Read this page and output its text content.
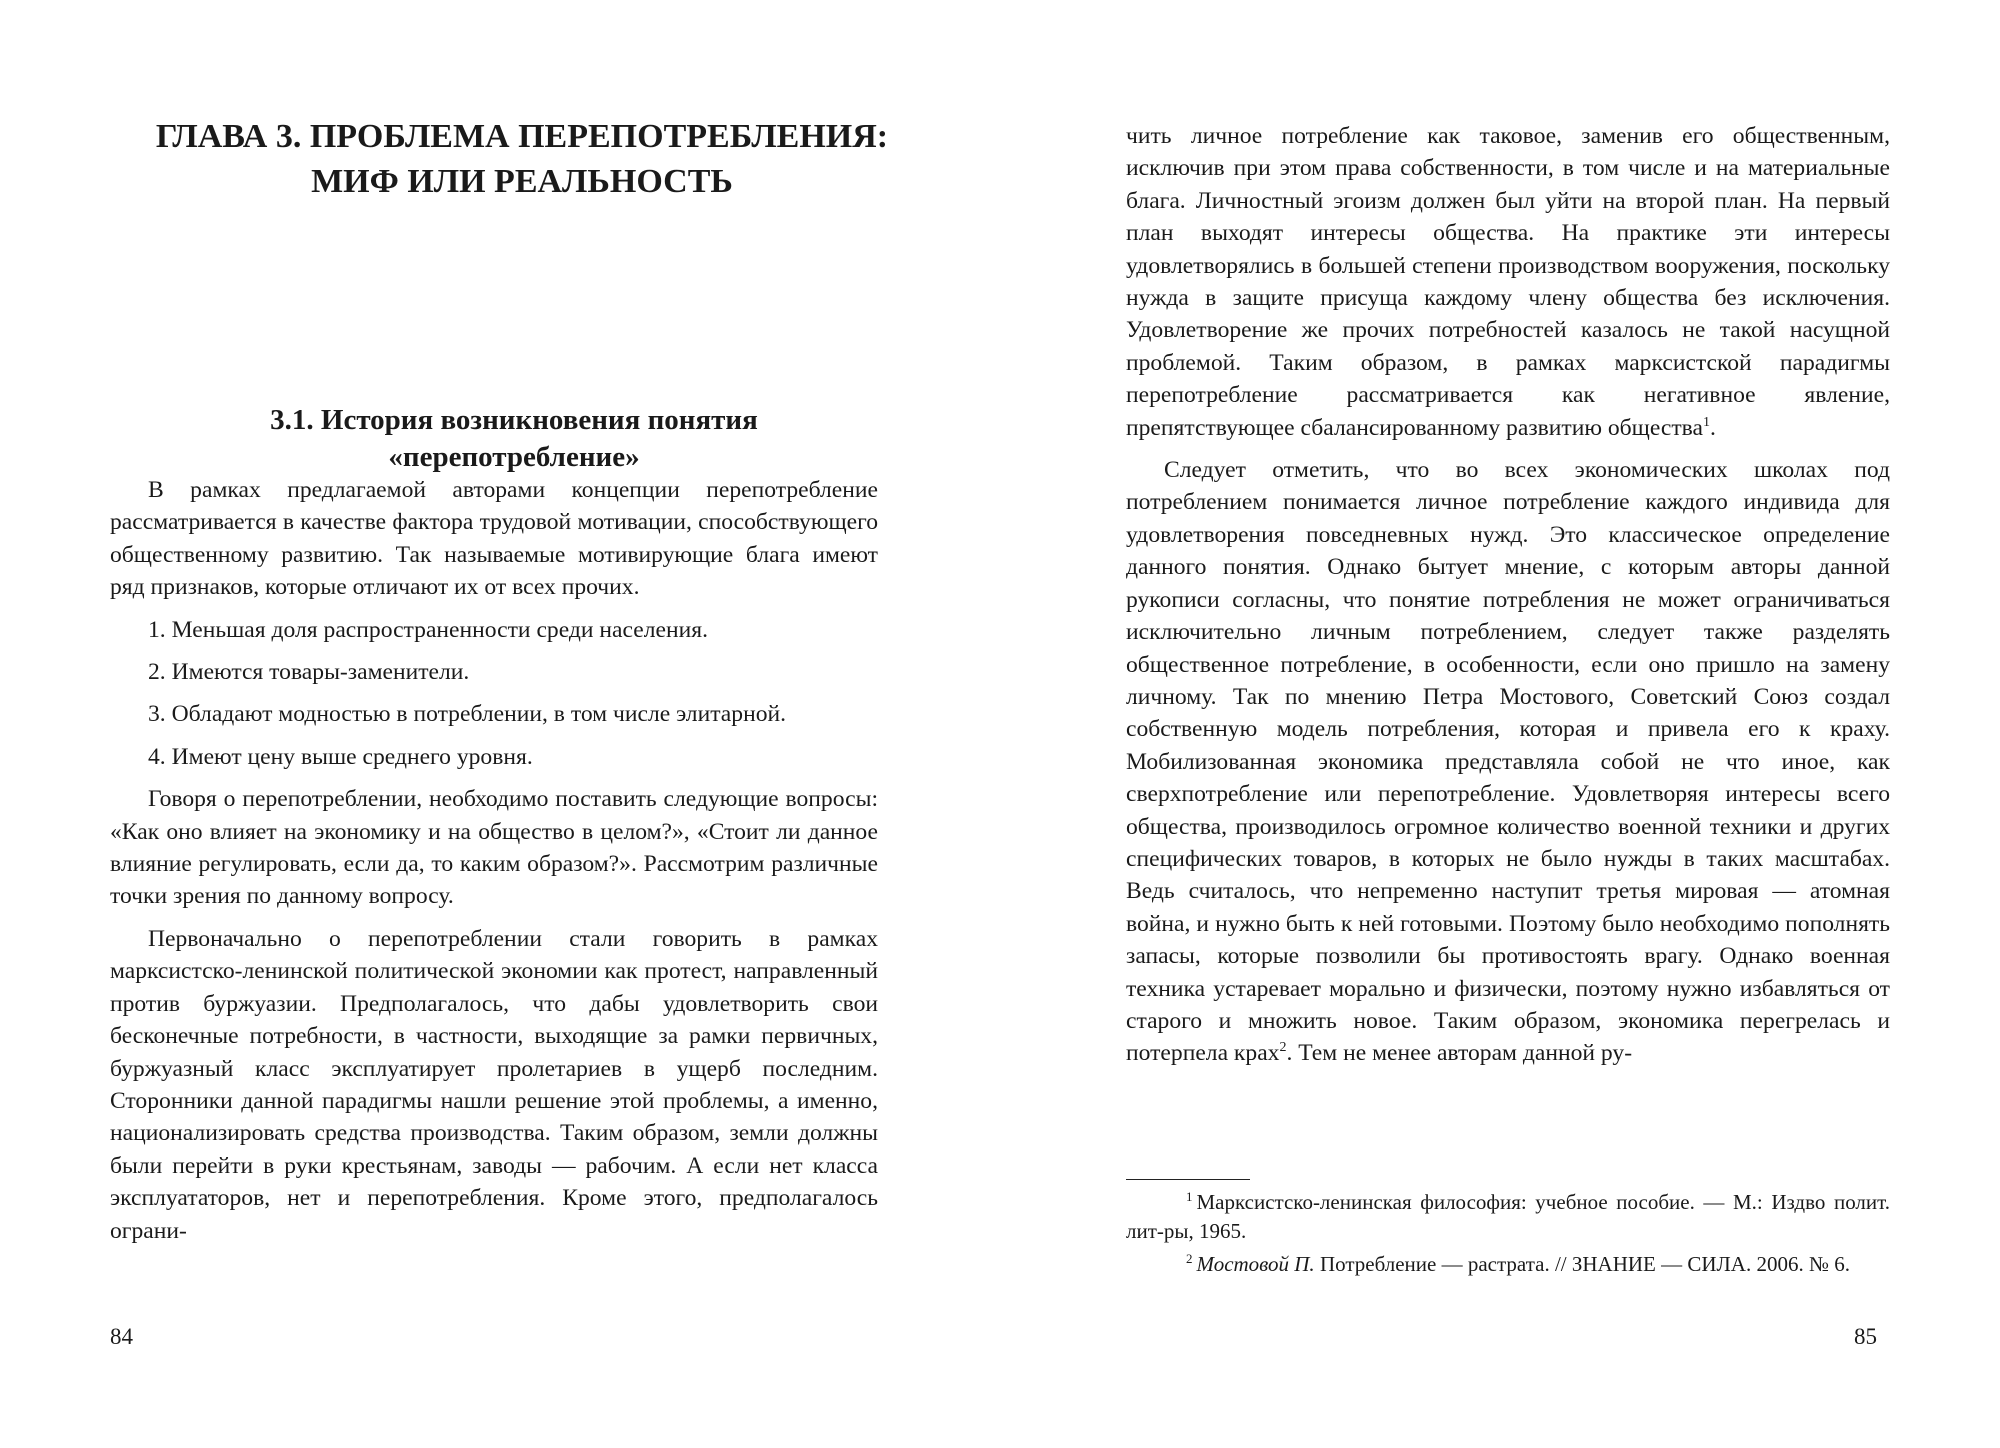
ГЛАВА 3. ПРОБЛЕМА ПЕРЕПОТРЕБЛЕНИЯ:
МИФ ИЛИ РЕАЛЬНОСТЬ
3.1. История возникновения понятия
«перепотребление»

В рамках предлагаемой авторами концепции перепотребление рассматривается в качестве фактора трудовой мотивации, способствующего общественному развитию. Так называемые мотивирующие блага имеют ряд признаков, которые отличают их от всех прочих.

1. Меньшая доля распространенности среди населения.

2. Имеются товары-заменители.

3. Обладают модностью в потреблении, в том числе элитарной.

4. Имеют цену выше среднего уровня.

Говоря о перепотреблении, необходимо поставить следующие вопросы: «Как оно влияет на экономику и на общество в целом?», «Стоит ли данное влияние регулировать, если да, то каким образом?». Рассмотрим различные точки зрения по данному вопросу.

Первоначально о перепотреблении стали говорить в рамках марксистско-ленинской политической экономии как протест, направленный против буржуазии. Предполагалось, что дабы удовлетворить свои бесконечные потребности, в частности, выходящие за рамки первичных, буржуазный класс эксплуатирует пролетариев в ущерб последним. Сторонники данной парадигмы нашли решение этой проблемы, а именно, национализировать средства производства. Таким образом, земли должны были перейти в руки крестьянам, заводы — рабочим. А если нет класса эксплуататоров, нет и перепотребления. Кроме этого, предполагалось ограни-

84

чить личное потребление как таковое, заменив его общественным, исключив при этом права собственности, в том числе и на материальные блага. Личностный эгоизм должен был уйти на второй план. На первый план выходят интересы общества. На практике эти интересы удовлетворялись в большей степени производством вооружения, поскольку нужда в защите присуща каждому члену общества без исключения. Удовлетворение же прочих потребностей казалось не такой насущной проблемой. Таким образом, в рамках марксистской парадигмы перепотребление рассматривается как негативное явление, препятствующее сбалансированному развитию общества$^1$.

Следует отметить, что во всех экономических школах под потреблением понимается личное потребление каждого индивида для удовлетворения повседневных нужд. Это классическое определение данного понятия. Однако бытует мнение, с которым авторы данной рукописи согласны, что понятие потребления не может ограничиваться исключительно личным потреблением, следует также разделять общественное потребление, в особенности, если оно пришло на замену личному. Так по мнению Петра Мостового, Советский Союз создал собственную модель потребления, которая и привела его к краху. Мобилизованная экономика представляла собой не что иное, как сверхпотребление или перепотребление. Удовлетворяя интересы всего общества, производилось огромное количество военной техники и других специфических товаров, в которых не было нужды в таких масштабах. Ведь считалось, что непременно наступит третья мировая — атомная война, и нужно быть к ней готовыми. Поэтому было необходимо пополнять запасы, которые позволили бы противостоять врагу. Однако военная техника устаревает морально и физически, поэтому нужно избавляться от старого и множить новое. Таким образом, экономика перегрелась и потерпела крах$^2$. Тем не менее авторам данной ру-

$^1$ Марксистско-ленинская философия: учебное пособие. — М.: Издво полит. лит-ры, 1965.

$^2$ Мостовой П. Потребление — растрата. // ЗНАНИЕ — СИЛА. 2006. № 6.

85
